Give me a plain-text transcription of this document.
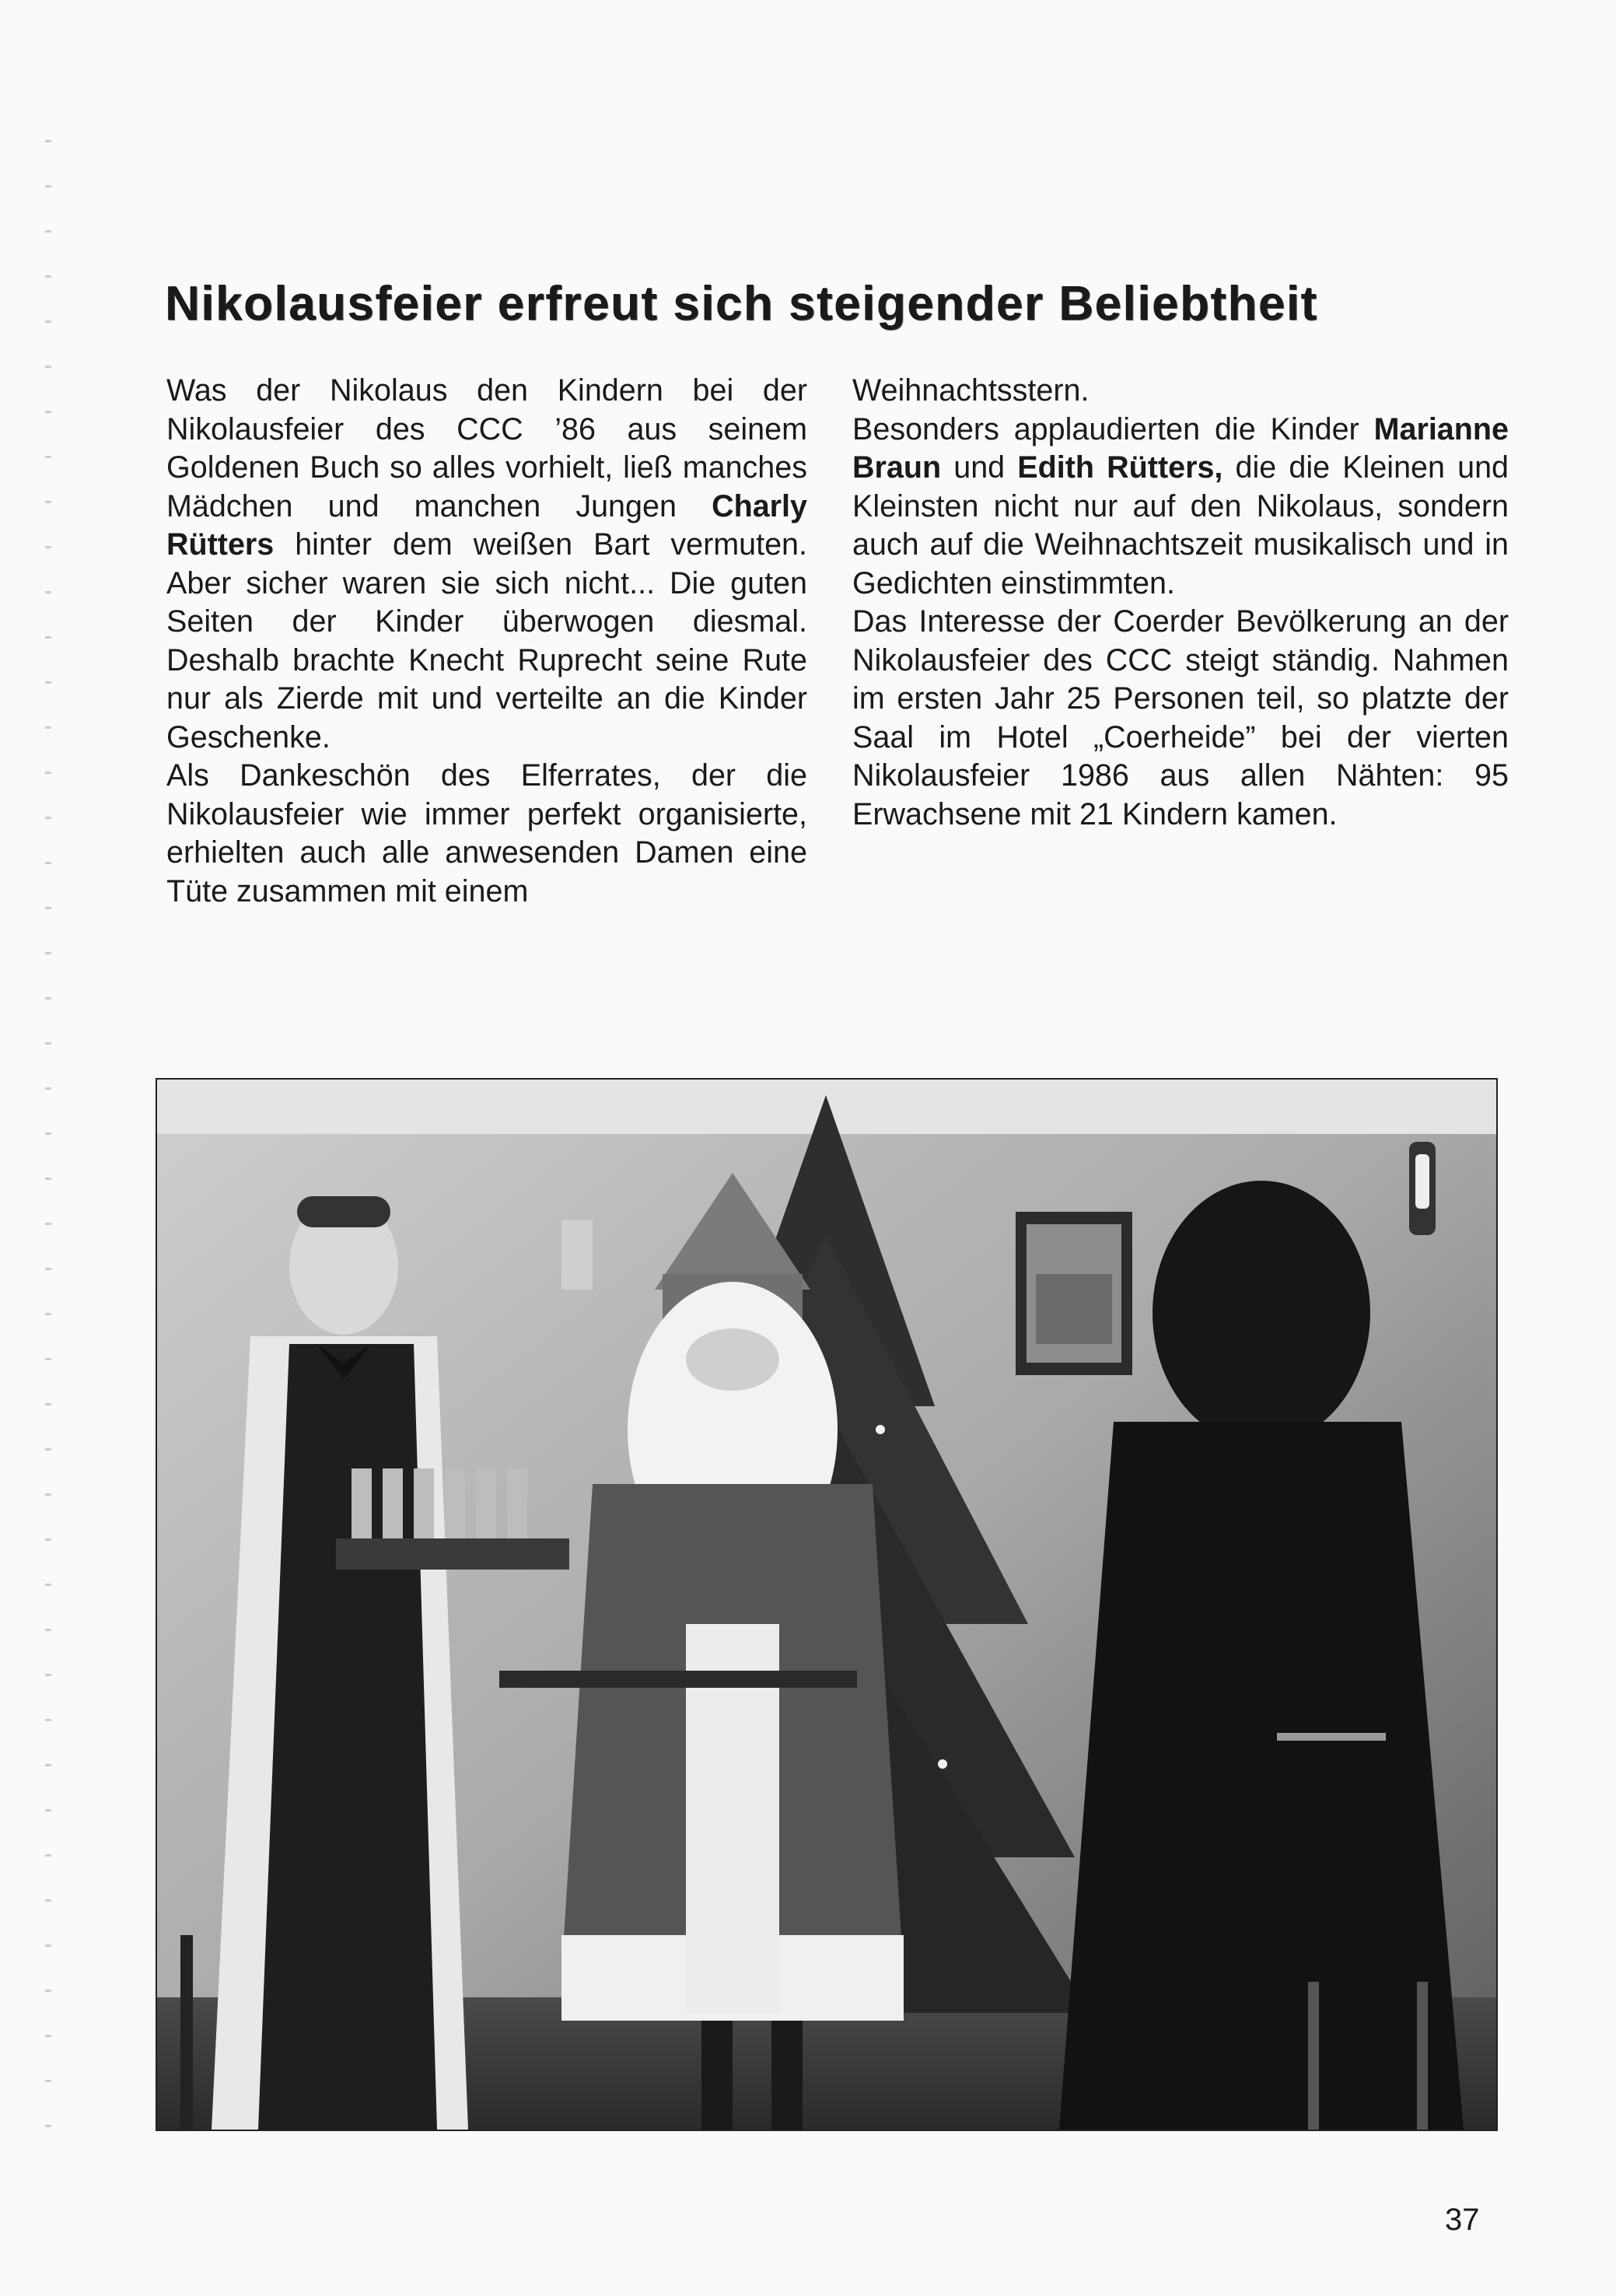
Nikolausfeier erfreut sich steigender Beliebtheit

Was der Nikolaus den Kindern bei der Nikolausfeier des CCC ’86 aus seinem Goldenen Buch so alles vorhielt, ließ manches Mädchen und manchen Jungen Charly Rütters hinter dem weißen Bart vermuten. Aber sicher waren sie sich nicht... Die guten Seiten der Kinder überwogen diesmal. Deshalb brachte Knecht Ruprecht seine Rute nur als Zierde mit und verteilte an die Kinder Geschenke.

Als Dankeschön des Elferrates, der die Nikolausfeier wie immer perfekt organisierte, erhielten auch alle anwesenden Damen eine Tüte zusammen mit einem

Weihnachtsstern.

Besonders applaudierten die Kinder Marianne Braun und Edith Rütters, die die Kleinen und Kleinsten nicht nur auf den Nikolaus, sondern auch auf die Weihnachtszeit musikalisch und in Gedichten einstimmten.

Das Interesse der Coerder Bevölkerung an der Nikolausfeier des CCC steigt ständig. Nahmen im ersten Jahr 25 Personen teil, so platzte der Saal im Hotel „Coerheide” bei der vierten Nikolausfeier 1986 aus allen Nähten: 95 Erwachsene mit 21 Kindern kamen.

37
